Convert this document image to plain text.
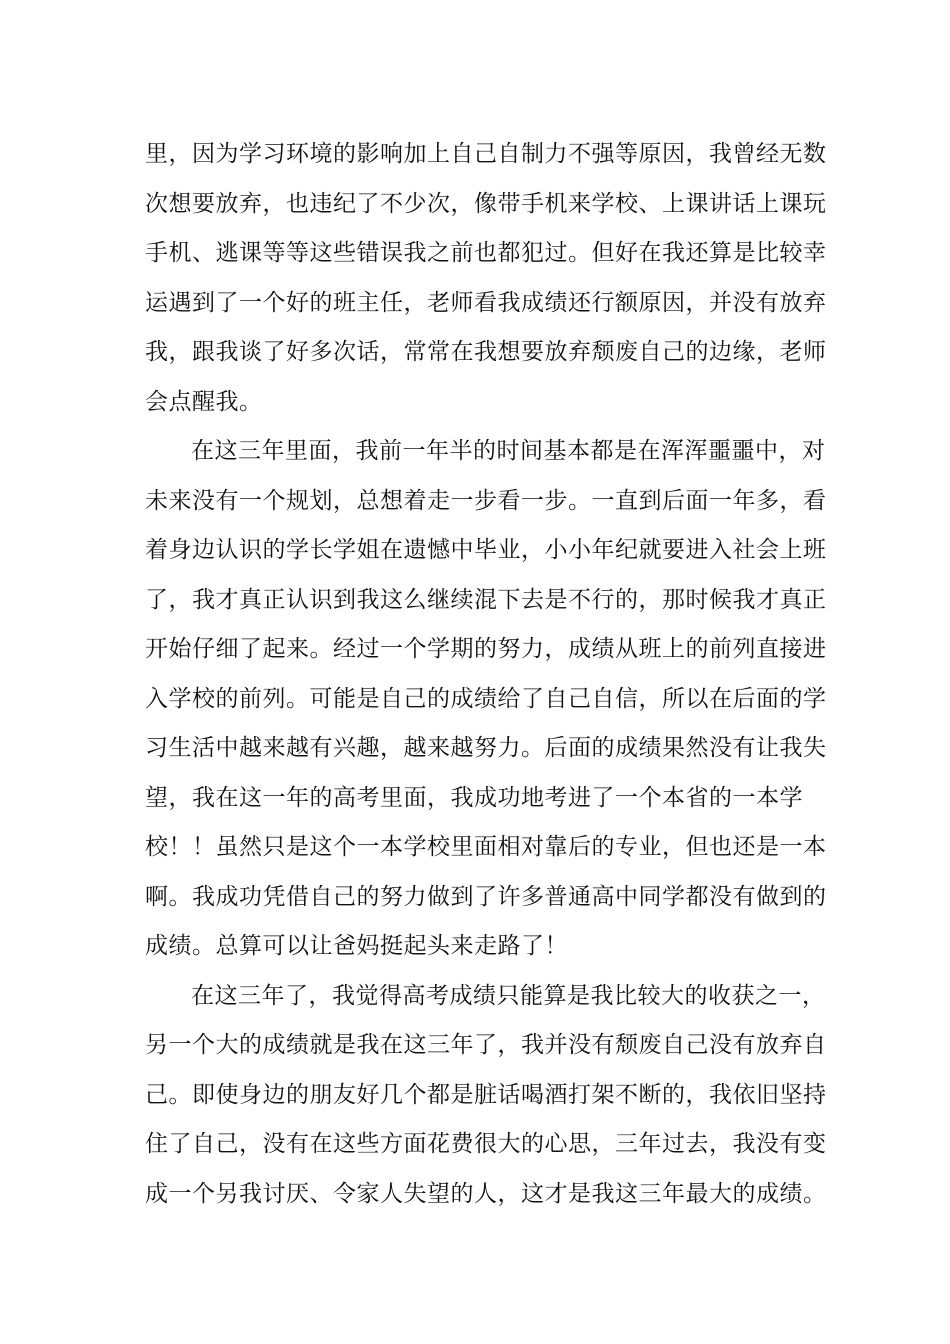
里，因为学习环境的影响加上自己自制力不强等原因，我曾经无数
次想要放弃，也违纪了不少次，像带手机来学校、上课讲话上课玩
手机、逃课等等这些错误我之前也都犯过。但好在我还算是比较幸
运遇到了一个好的班主任，老师看我成绩还行额原因，并没有放弃
我，跟我谈了好多次话，常常在我想要放弃颓废自己的边缘，老师
会点醒我。
在这三年里面，我前一年半的时间基本都是在浑浑噩噩中，对
未来没有一个规划，总想着走一步看一步。一直到后面一年多，看
着身边认识的学长学姐在遗憾中毕业，小小年纪就要进入社会上班
了，我才真正认识到我这么继续混下去是不行的，那时候我才真正
开始仔细了起来。经过一个学期的努力，成绩从班上的前列直接进
入学校的前列。可能是自己的成绩给了自己自信，所以在后面的学
习生活中越来越有兴趣，越来越努力。后面的成绩果然没有让我失
望，我在这一年的高考里面，我成功地考进了一个本省的一本学
校！！虽然只是这个一本学校里面相对靠后的专业，但也还是一本
啊。我成功凭借自己的努力做到了许多普通高中同学都没有做到的
成绩。总算可以让爸妈挺起头来走路了！
在这三年了，我觉得高考成绩只能算是我比较大的收获之一，
另一个大的成绩就是我在这三年了，我并没有颓废自己没有放弃自
己。即使身边的朋友好几个都是脏话喝酒打架不断的，我依旧坚持
住了自己，没有在这些方面花费很大的心思，三年过去，我没有变
成一个另我讨厌、令家人失望的人，这才是我这三年最大的成绩。
